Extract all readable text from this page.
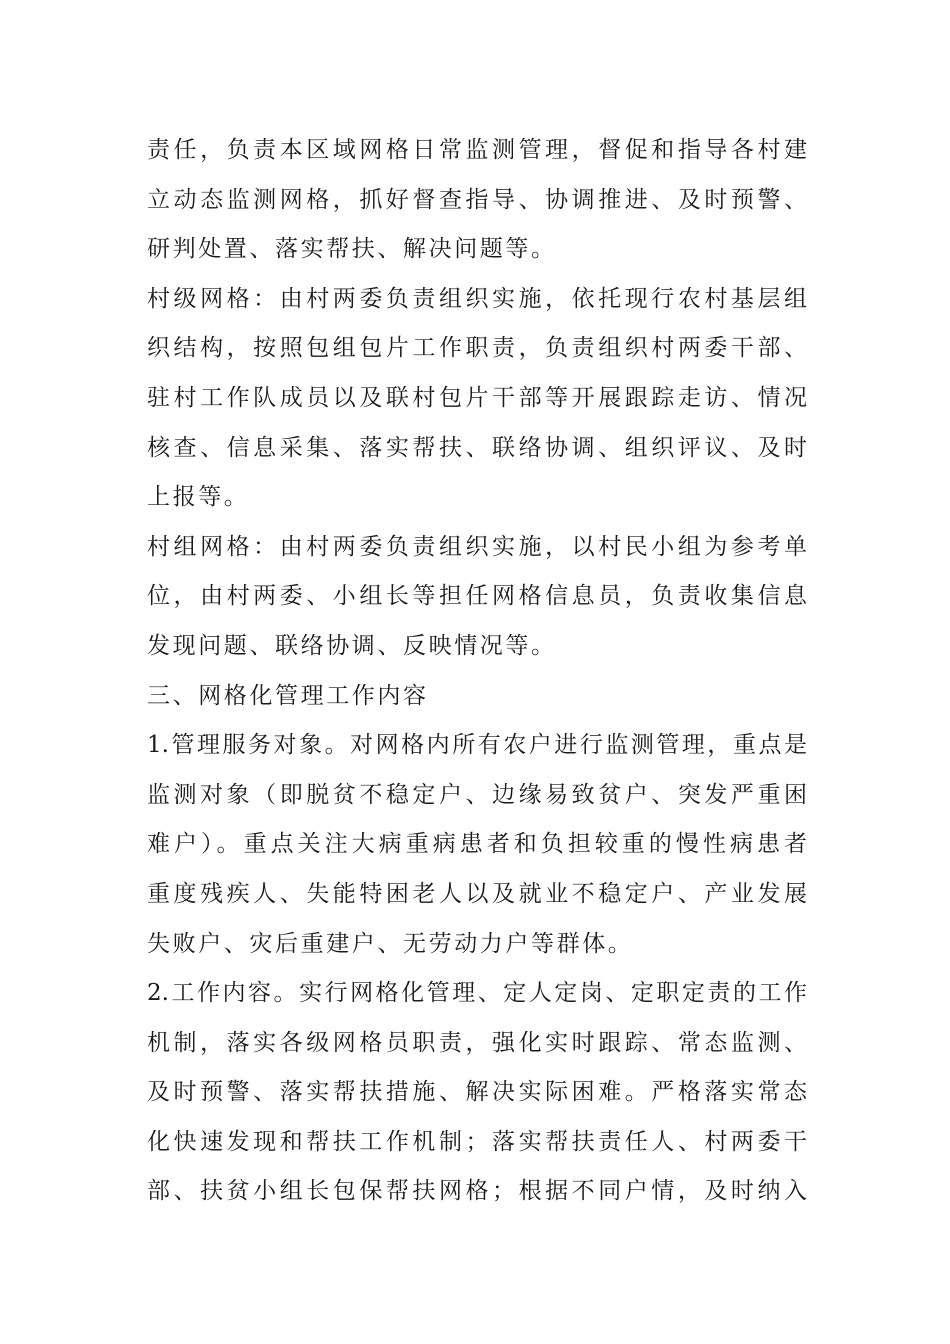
责任，负责本区域网格日常监测管理，督促和指导各村建
立动态监测网格，抓好督查指导、协调推进、及时预警、
研判处置、落实帮扶、解决问题等。
村级网格：由村两委负责组织实施，依托现行农村基层组
织结构，按照包组包片工作职责，负责组织村两委干部、
驻村工作队成员以及联村包片干部等开展跟踪走访、情况
核查、信息采集、落实帮扶、联络协调、组织评议、及时
上报等。
村组网格：由村两委负责组织实施，以村民小组为参考单
位，由村两委、小组长等担任网格信息员，负责收集信息
发现问题、联络协调、反映情况等。
三、网格化管理工作内容
1.管理服务对象。对网格内所有农户进行监测管理，重点是
监测对象（即脱贫不稳定户、边缘易致贫户、突发严重困
难户）。重点关注大病重病患者和负担较重的慢性病患者
重度残疾人、失能特困老人以及就业不稳定户、产业发展
失败户、灾后重建户、无劳动力户等群体。
2.工作内容。实行网格化管理、定人定岗、定职定责的工作
机制，落实各级网格员职责，强化实时跟踪、常态监测、
及时预警、落实帮扶措施、解决实际困难。严格落实常态
化快速发现和帮扶工作机制；落实帮扶责任人、村两委干
部、扶贫小组长包保帮扶网格；根据不同户情，及时纳入
